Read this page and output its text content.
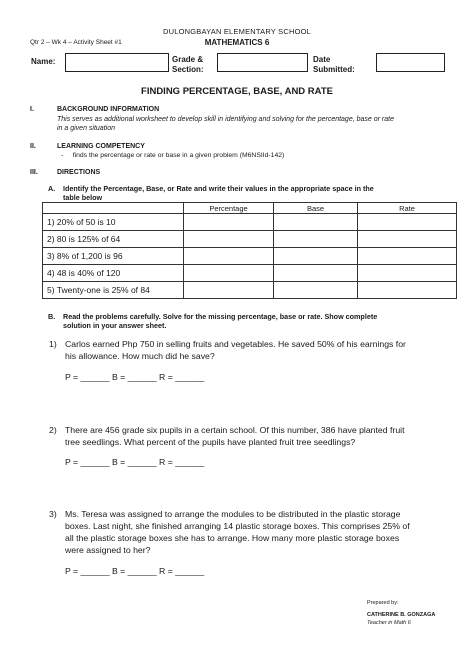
DULONGBAYAN ELEMENTARY SCHOOL
Qtr 2 – Wk 4 – Activity Sheet #1	MATHEMATICS 6
Name:	Grade &
Section:
Date
Submitted:
FINDING PERCENTAGE, BASE, AND RATE
I.	BACKGROUND INFORMATION
This serves as additional worksheet to develop skill in identifying and solving for the percentage, base or rate
in a given situation
II.	LEARNING COMPETENCY
-     finds the percentage or rate or base in a given problem (M6NSIId-142)
III.	DIRECTIONS
A. Identify the Percentage, Base, or Rate and write their values in the appropriate space in the
table below
	Percentage	Base	Rate
1) 20% of 50 is 10			
2) 80 is 125% of 64			
3) 8% of 1,200 is 96			
4) 48 is 40% of 120			
5) Twenty-one is 25% of 84			
B. Read the problems carefully. Solve for the missing percentage, base or rate. Show complete
solution in your answer sheet.
1) Carlos earned Php 750 in selling fruits and vegetables. He saved 50% of his earnings for
his allowance. How much did he save?
P = ______ B = ______ R = ______
2) There are 456 grade six pupils in a certain school. Of this number, 386 have planted fruit
tree seedlings. What percent of the pupils have planted fruit tree seedlings?
P = ______ B = ______ R = ______
3) Ms. Teresa was assigned to arrange the modules to be distributed in the plastic storage
boxes. Last night, she finished arranging 14 plastic storage boxes. This comprises 25% of
all the plastic storage boxes she has to arrange. How many more plastic storage boxes
were assigned to her?
P = ______ B = ______ R = ______
Prepared by:
CATHERINE B. GONZAGA
Teacher in Math 6
